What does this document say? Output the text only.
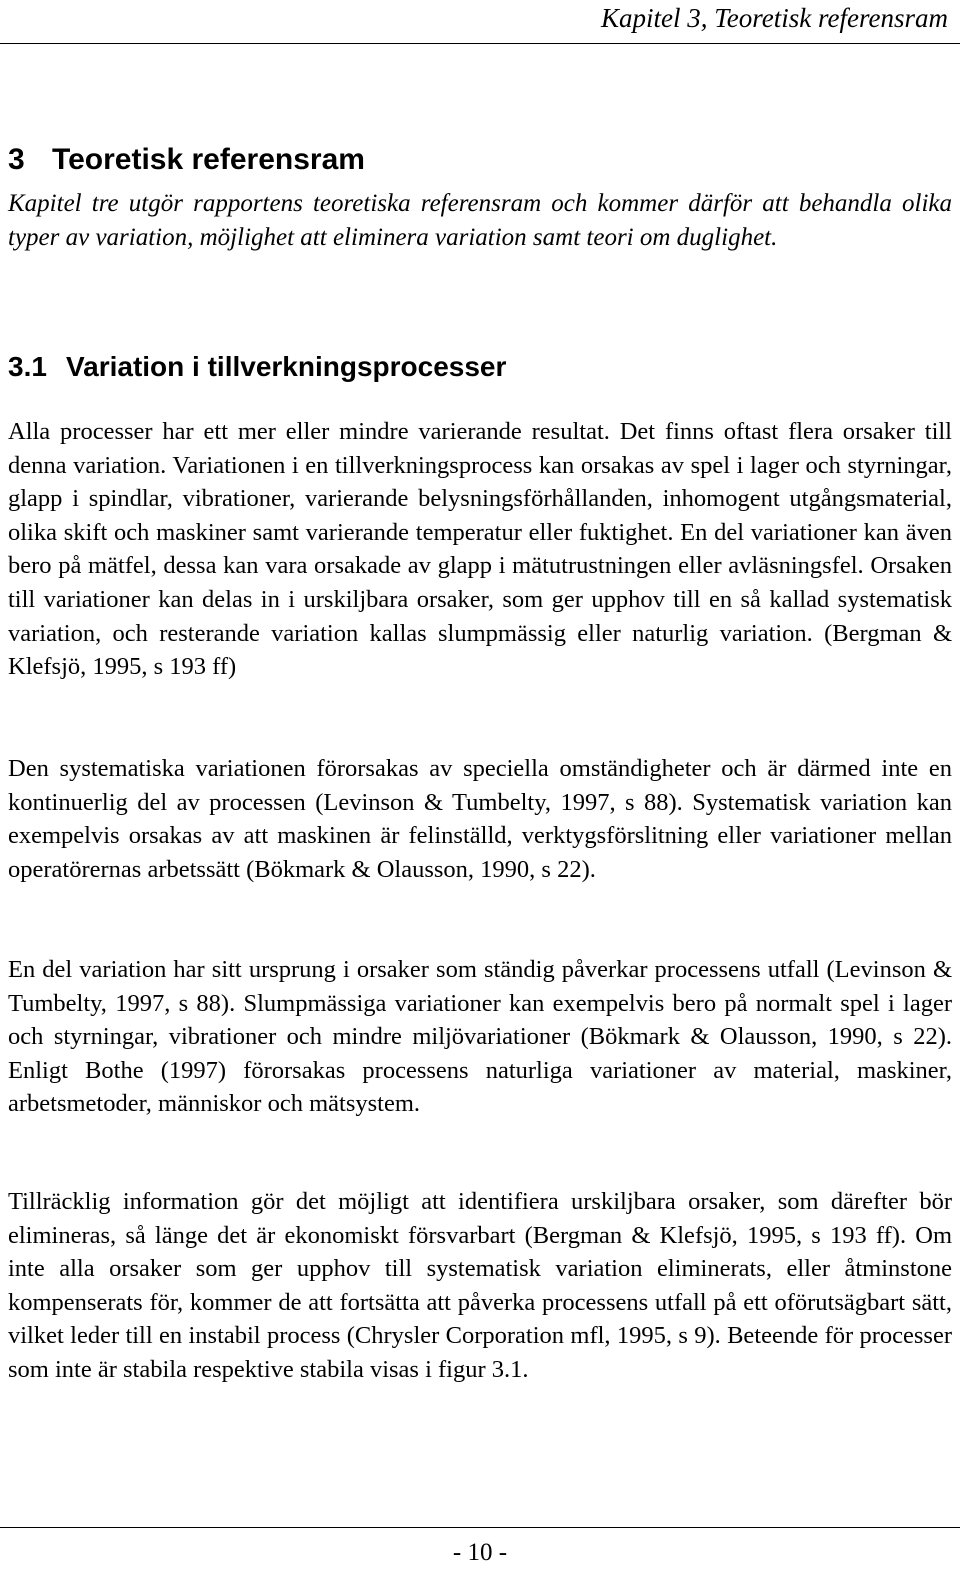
Kapitel 3, Teoretisk referensram
3 Teoretisk referensram

Kapitel tre utgör rapportens teoretiska referensram och kommer därför att behandla olika typer av variation, möjlighet att eliminera variation samt teori om duglighet.

3.1 Variation i tillverkningsprocesser

Alla processer har ett mer eller mindre varierande resultat. Det finns oftast flera orsaker till denna variation. Variationen i en tillverkningsprocess kan orsakas av spel i lager och styrningar, glapp i spindlar, vibrationer, varierande belysningsförhållanden, inhomogent utgångsmaterial, olika skift och maskiner samt varierande temperatur eller fuktighet. En del variationer kan även bero på mätfel, dessa kan vara orsakade av glapp i mätutrustningen eller avläsningsfel. Orsaken till variationer kan delas in i urskiljbara orsaker, som ger upphov till en så kallad systematisk variation, och resterande variation kallas slumpmässig eller naturlig variation. (Bergman & Klefsjö, 1995, s 193 ff)

Den systematiska variationen förorsakas av speciella omständigheter och är därmed inte en kontinuerlig del av processen (Levinson & Tumbelty, 1997, s 88). Systematisk variation kan exempelvis orsakas av att maskinen är felinställd, verktygsförslitning eller variationer mellan operatörernas arbetssätt (Bökmark & Olausson, 1990, s 22).

En del variation har sitt ursprung i orsaker som ständig påverkar processens utfall (Levinson & Tumbelty, 1997, s 88). Slumpmässiga variationer kan exempelvis bero på normalt spel i lager och styrningar, vibrationer och mindre miljövariationer (Bökmark & Olausson, 1990, s 22). Enligt Bothe (1997) förorsakas processens naturliga variationer av material, maskiner, arbetsmetoder, människor och mätsystem.

Tillräcklig information gör det möjligt att identifiera urskiljbara orsaker, som därefter bör elimineras, så länge det är ekonomiskt försvarbart (Bergman & Klefsjö, 1995, s 193 ff). Om inte alla orsaker som ger upphov till systematisk variation eliminerats, eller åtminstone kompenserats för, kommer de att fortsätta att påverka processens utfall på ett oförutsägbart sätt, vilket leder till en instabil process (Chrysler Corporation mfl, 1995, s 9). Beteende för processer som inte är stabila respektive stabila visas i figur 3.1.

- 10 -
